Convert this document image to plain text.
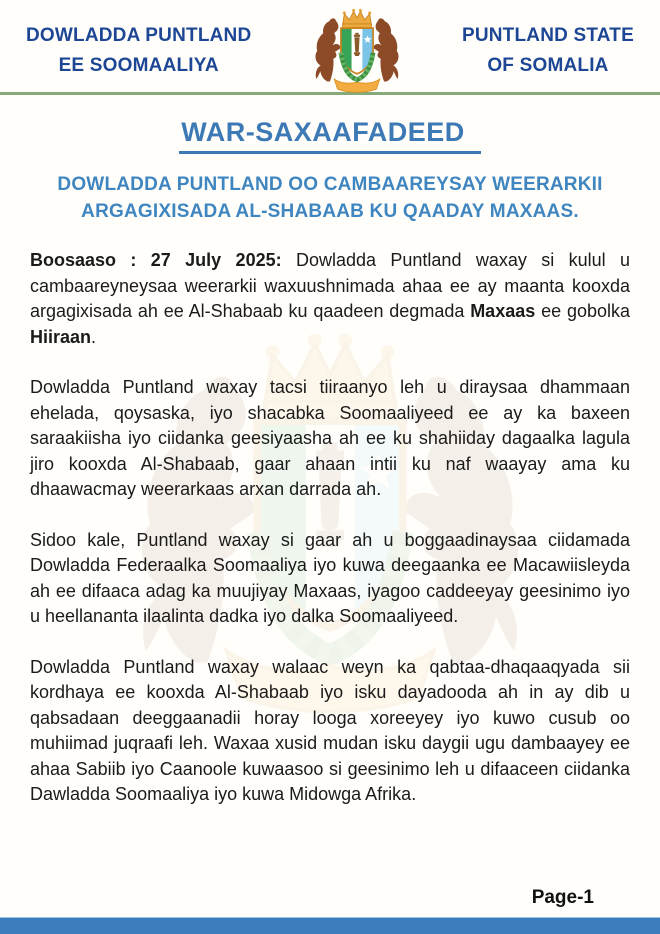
DOWLADDA PUNTLAND
EE SOOMAALIYA
PUNTLAND STATE
OF SOMALIA
WAR-SAXAAFADEED
DOWLADDA PUNTLAND OO CAMBAAREYSAY WEERARKII
ARGAGIXISADA AL-SHABAAB KU QAADAY MAXAAS.

Boosaaso : 27 July 2025: Dowladda Puntland waxay si kulul u cambaareyneysaa weerarkii waxuushnimada ahaa ee ay maanta kooxda argagixisada ah ee Al-Shabaab ku qaadeen degmada Maxaas ee gobolka Hiiraan.

Dowladda Puntland waxay tacsi tiiraanyo leh u diraysaa dhammaan ehelada, qoysaska, iyo shacabka Soomaaliyeed ee ay ka baxeen saraakiisha iyo ciidanka geesiyaasha ah ee ku shahiiday dagaalka lagula jiro kooxda Al-Shabaab, gaar ahaan intii ku naf waayay ama ku dhaawacmay weerarkaas arxan darrada ah.

Sidoo kale, Puntland waxay si gaar ah u boggaadinaysaa ciidamada Dowladda Federaalka Soomaaliya iyo kuwa deegaanka ee Macawiisleyda ah ee difaaca adag ka muujiyay Maxaas, iyagoo caddeeyay geesinimo iyo u heellananta ilaalinta dadka iyo dalka Soomaaliyeed.

Dowladda Puntland waxay walaac weyn ka qabtaa-dhaqaaqyada sii kordhaya ee kooxda Al-Shabaab iyo isku dayadooda ah in ay dib u qabsadaan deeggaanadii horay looga xoreeyey iyo kuwo cusub oo muhiimad juqraafi leh. Waxaa xusid mudan isku daygii ugu dambaayey ee ahaa Sabiib iyo Caanoole kuwaasoo si geesinimo leh u difaaceen ciidanka Dawladda Soomaaliya iyo kuwa Midowga Afrika.

Page-1
